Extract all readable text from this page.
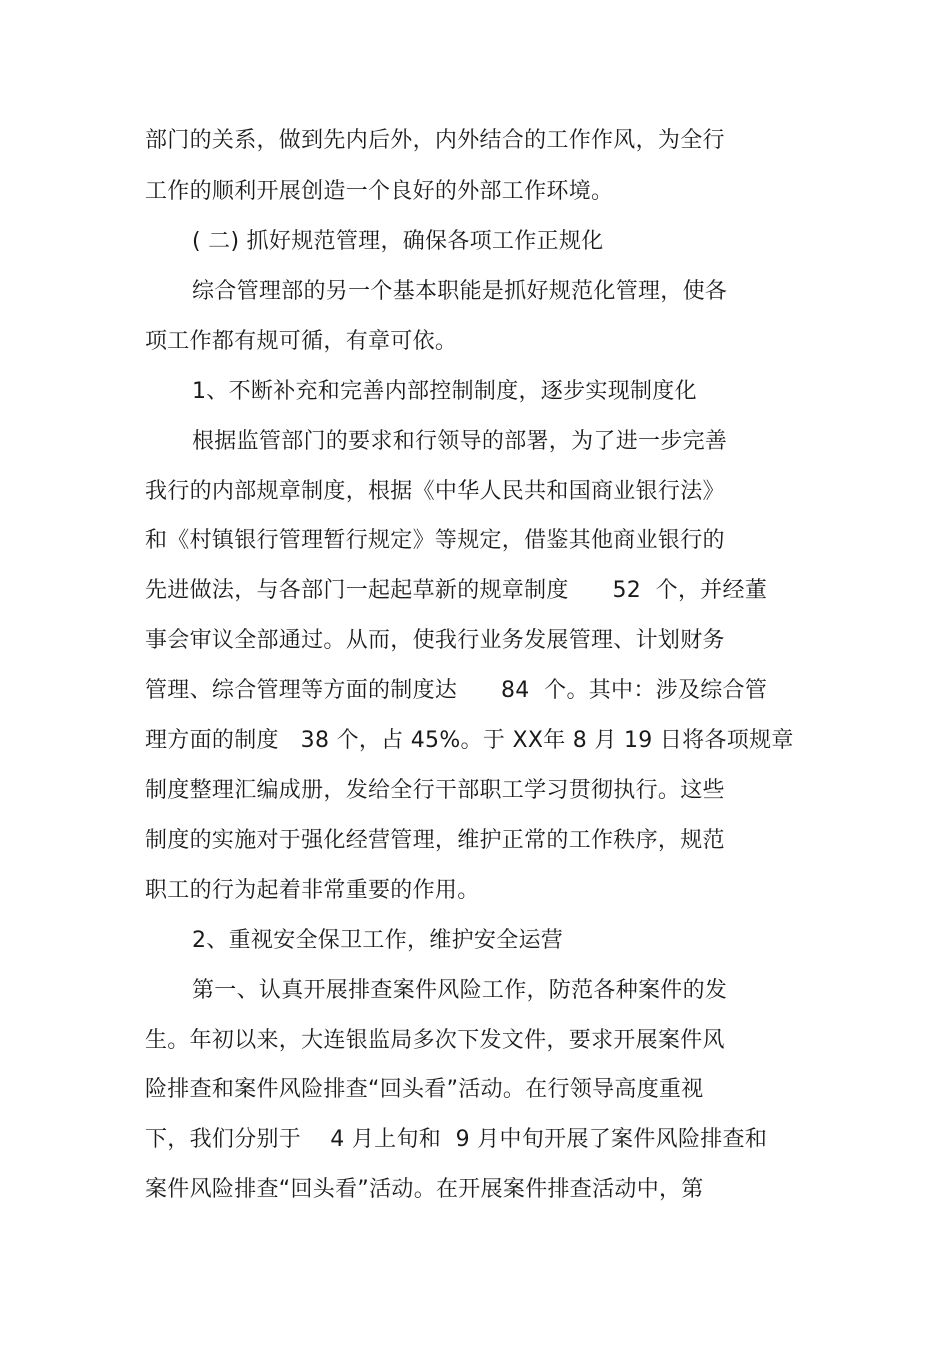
部门的关系，做到先内后外，内外结合的工作作风，为全行

工作的顺利开展创造一个良好的外部工作环境。

( 二) 抓好规范管理，确保各项工作正规化

综合管理部的另一个基本职能是抓好规范化管理，使各

项工作都有规可循，有章可依。

1、不断补充和完善内部控制制度，逐步实现制度化

根据监管部门的要求和行领导的部署，为了进一步完善

我行的内部规章制度，根据《中华人民共和国商业银行法》

和《村镇银行管理暂行规定》等规定，借鉴其他商业银行的

先进做法，与各部门一起起草新的规章制度      52  个，并经董

事会审议全部通过。从而，使我行业务发展管理、计划财务

管理、综合管理等方面的制度达      84  个。其中：涉及综合管

理方面的制度   38 个，占 45%。于 XX年 8 月 19 日将各项规章

制度整理汇编成册，发给全行干部职工学习贯彻执行。这些

制度的实施对于强化经营管理，维护正常的工作秩序，规范

职工的行为起着非常重要的作用。

2、重视安全保卫工作，维护安全运营

第一、认真开展排查案件风险工作，防范各种案件的发

生。年初以来，大连银监局多次下发文件，要求开展案件风

险排查和案件风险排查“回头看”活动。在行领导高度重视

下，我们分别于    4 月上旬和  9 月中旬开展了案件风险排查和

案件风险排查“回头看”活动。在开展案件排查活动中，第
